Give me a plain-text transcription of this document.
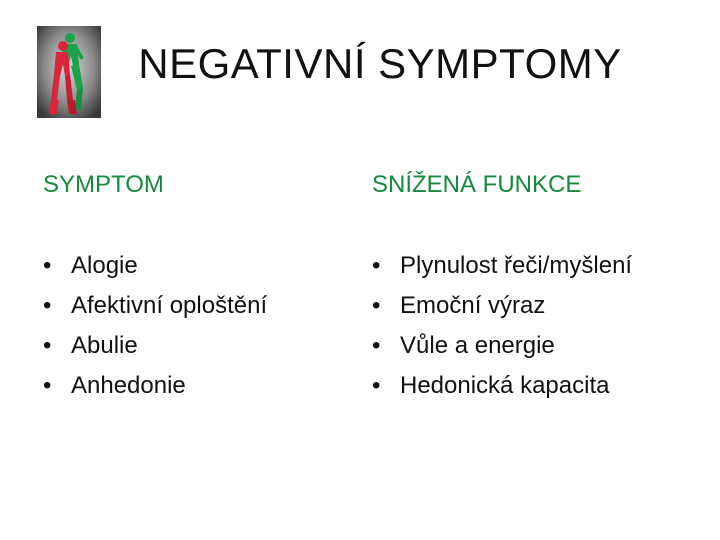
NEGATIVNÍ SYMPTOMY
SYMPTOM
• Alogie
• Afektivní oploštění
• Abulie
• Anhedonie
SNÍŽENÁ FUNKCE
• Plynulost řeči/myšlení
• Emoční výraz
• Vůle a energie
• Hedonická kapacita
